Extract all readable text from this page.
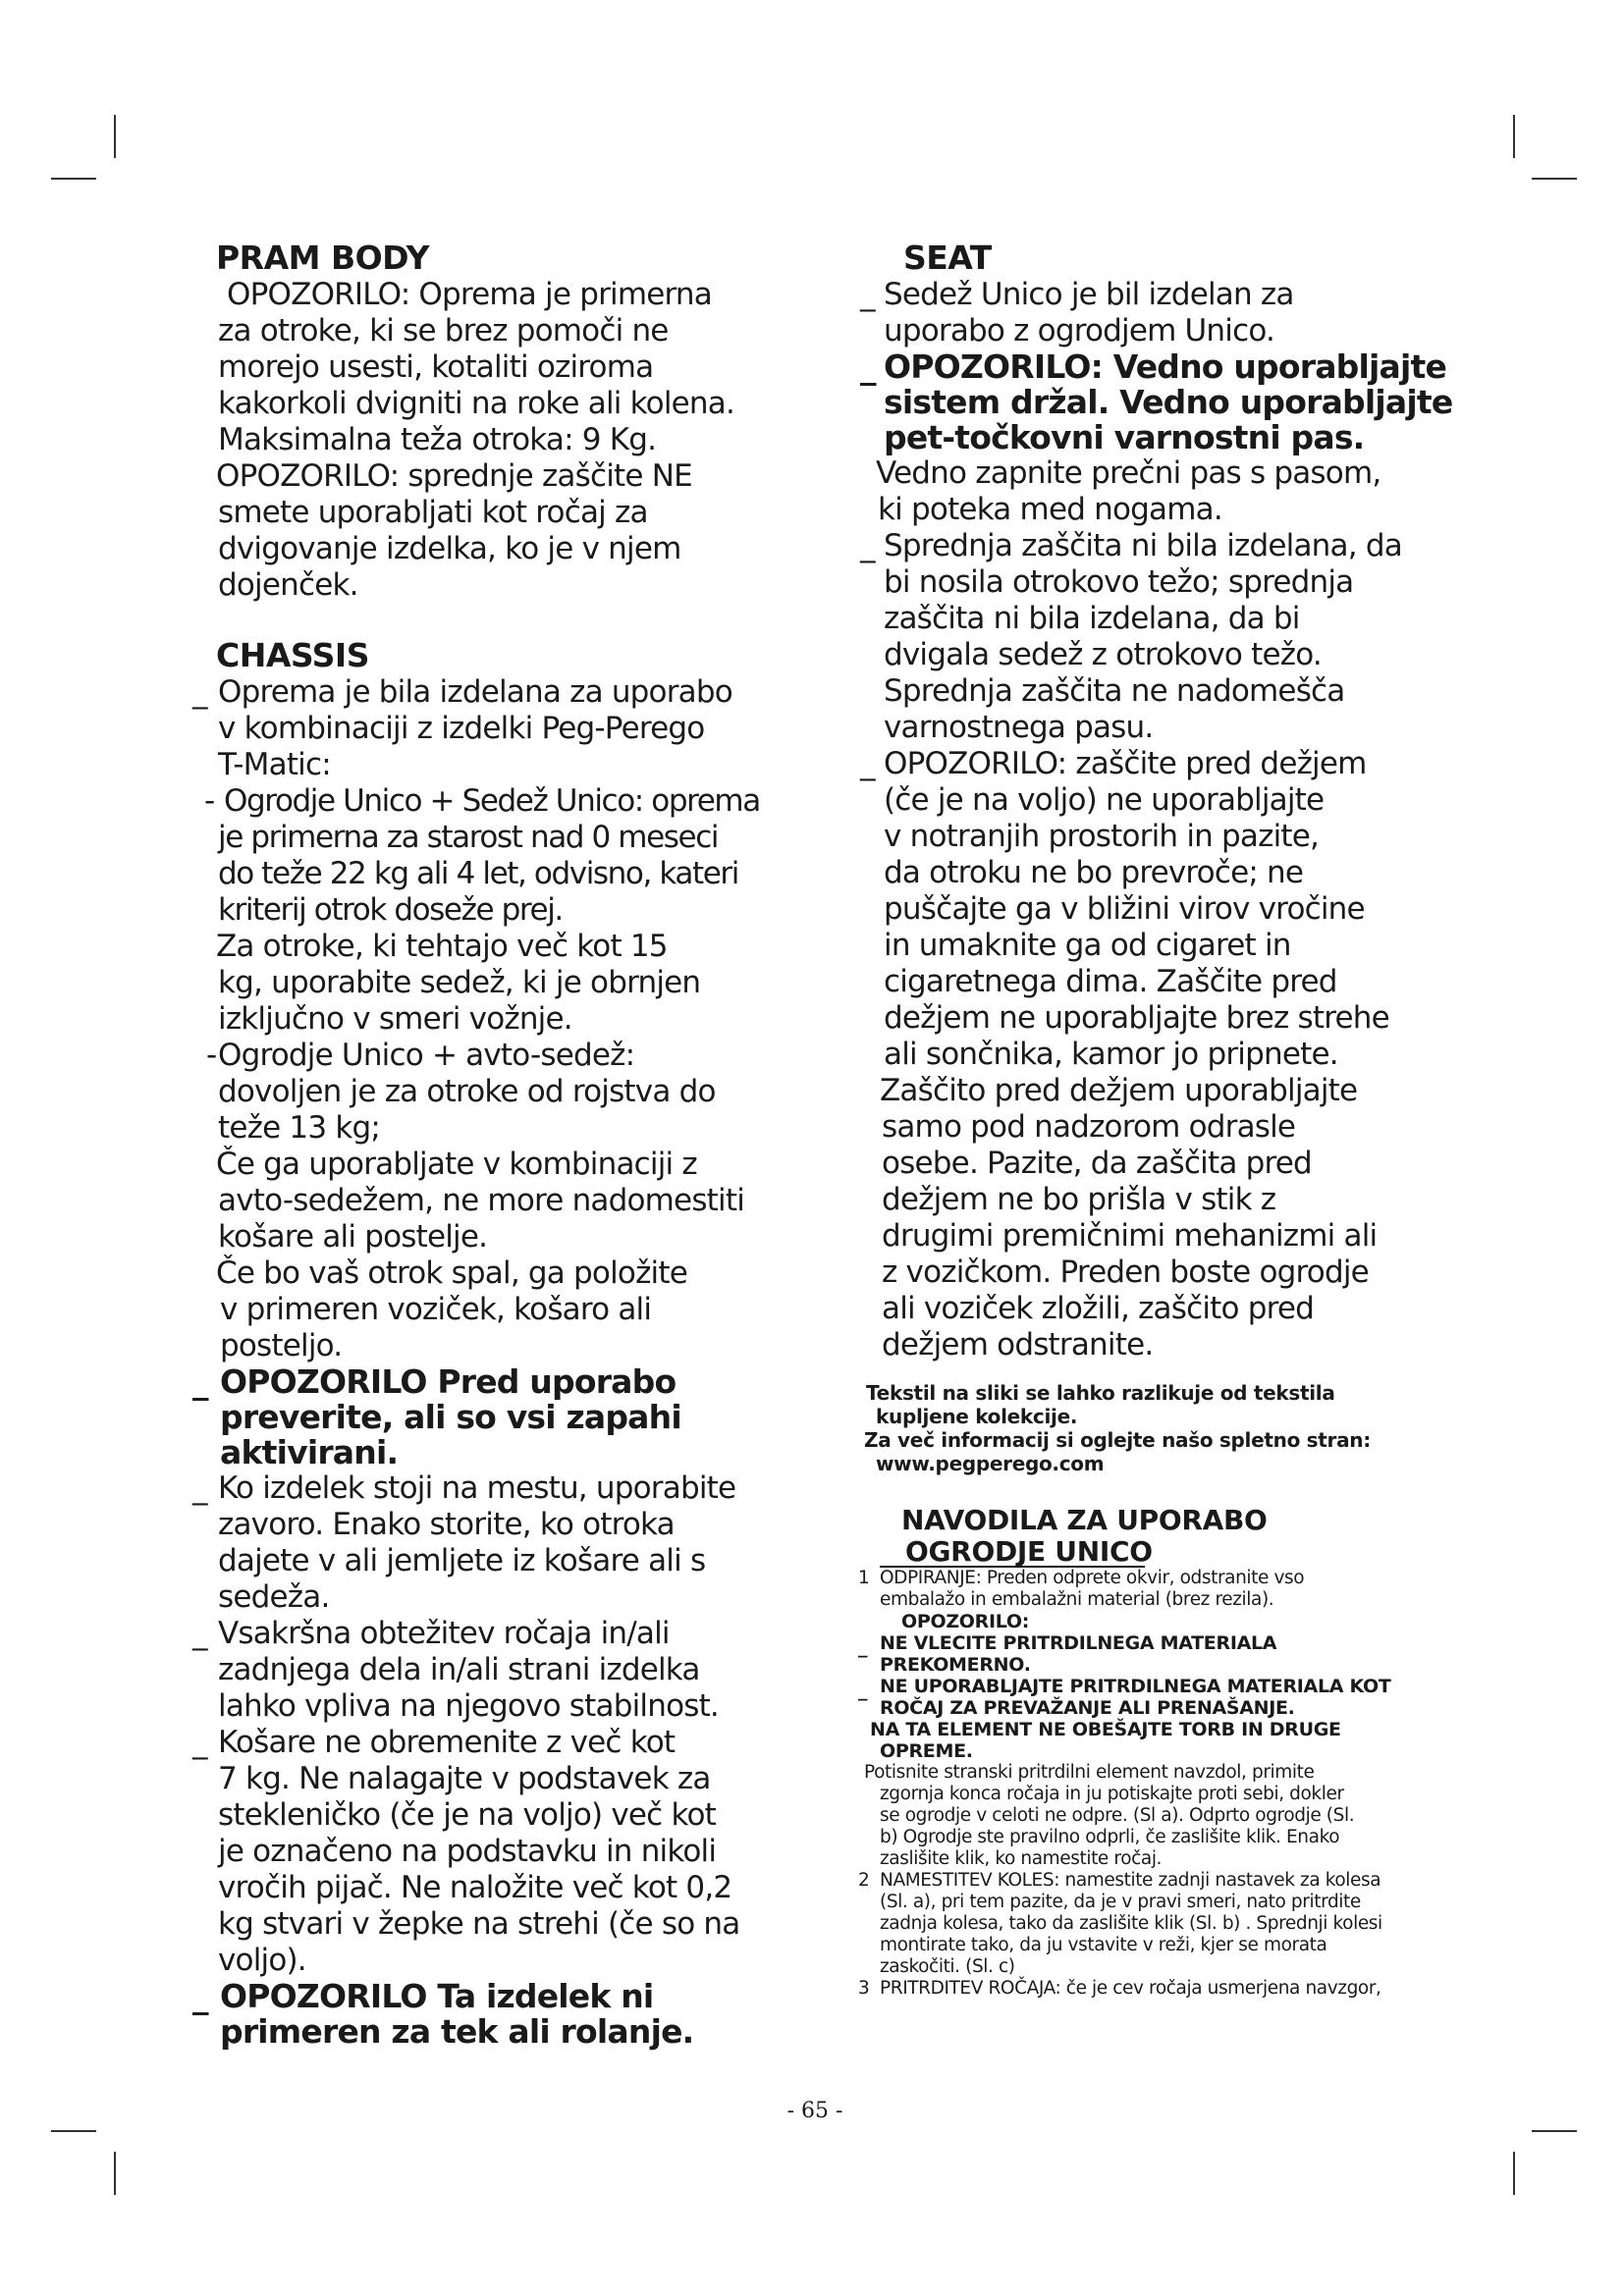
PRAM BODY
OPOZORILO: Oprema je primerna
za otroke, ki se brez pomoči ne
morejo usesti, kotaliti oziroma
kakorkoli dvigniti na roke ali kolena.
Maksimalna teža otroka: 9 Kg.
OPOZORILO: sprednje zaščite NE
smete uporabljati kot ročaj za
dvigovanje izdelka, ko je v njem
dojenček.
CHASSIS
_ Oprema je bila izdelana za uporabo
v kombinaciji z izdelki Peg-Perego
T-Matic:
- Ogrodje Unico + Sedež Unico: oprema
je primerna za starost nad 0 meseci
do teže 22 kg ali 4 let, odvisno, kateri
kriterij otrok doseže prej.
Za otroke, ki tehtajo več kot 15
kg, uporabite sedež, ki je obrnjen
izključno v smeri vožnje.
- Ogrodje Unico + avto-sedež:
dovoljen je za otroke od rojstva do
teže 13 kg;
Če ga uporabljate v kombinaciji z
avto-sedežem, ne more nadomestiti
košare ali postelje.
Če bo vaš otrok spal, ga položite
v primeren voziček, košaro ali
posteljo.
_ OPOZORILO Pred uporabo
preverite, ali so vsi zapahi
aktivirani.
_ Ko izdelek stoji na mestu, uporabite
zavoro. Enako storite, ko otroka
dajete v ali jemljete iz košare ali s
sedeža.
_ Vsakršna obtežitev ročaja in/ali
zadnjega dela in/ali strani izdelka
lahko vpliva na njegovo stabilnost.
_ Košare ne obremenite z več kot
7 kg. Ne nalagajte v podstavek za
stekleničko (če je na voljo) več kot
je označeno na podstavku in nikoli
vročih pijač. Ne naložite več kot 0,2
kg stvari v žepke na strehi (če so na
voljo).
_ OPOZORILO Ta izdelek ni
primeren za tek ali rolanje.
SEAT
_ Sedež Unico je bil izdelan za
uporabo z ogrodjem Unico.
_ OPOZORILO: Vedno uporabljajte
sistem držal. Vedno uporabljajte
pet-točkovni varnostni pas.
Vedno zapnite prečni pas s pasom,
ki poteka med nogama.
_ Sprednja zaščita ni bila izdelana, da
bi nosila otrokovo težo; sprednja
zaščita ni bila izdelana, da bi
dvigala sedež z otrokovo težo.
Sprednja zaščita ne nadomešča
varnostnega pasu.
_ OPOZORILO: zaščite pred dežjem
(če je na voljo) ne uporabljajte
v notranjih prostorih in pazite,
da otroku ne bo prevroče; ne
puščajte ga v bližini virov vročine
in umaknite ga od cigaret in
cigaretnega dima. Zaščite pred
dežjem ne uporabljajte brez strehe
ali sončnika, kamor jo pripnete.
Zaščito pred dežjem uporabljajte
samo pod nadzorom odrasle
osebe. Pazite, da zaščita pred
dežjem ne bo prišla v stik z
drugimi premičnimi mehanizmi ali
z vozičkom. Preden boste ogrodje
ali voziček zložili, zaščito pred
dežjem odstranite.
Tekstil na sliki se lahko razlikuje od tekstila
kupljene kolekcije.
Za več informacij si oglejte našo spletno stran:
www.pegperego.com
NAVODILA ZA UPORABO
OGRODJE UNICO
1 ODPIRANJE: Preden odprete okvir, odstranite vso
embalažo in embalažni material (brez rezila).
OPOZORILO:
_ NE VLECITE PRITRDILNEGA MATERIALA
PREKOMERNO.
_ NE UPORABLJAJTE PRITRDILNEGA MATERIALA KOT
ROČAJ ZA PREVAŽANJE ALI PRENAŠANJE.
NA TA ELEMENT NE OBEŠAJTE TORB IN DRUGE
OPREME.
Potisnite stranski pritrdilni element navzdol, primite
zgornja konca ročaja in ju potiskajte proti sebi, dokler
se ogrodje v celoti ne odpre. (Sl a). Odprto ogrodje (Sl.
b) Ogrodje ste pravilno odprli, če zaslišite klik. Enako
zaslišite klik, ko namestite ročaj.
2 NAMESTITEV KOLES: namestite zadnji nastavek za kolesa
(Sl. a), pri tem pazite, da je v pravi smeri, nato pritrdite
zadnja kolesa, tako da zaslišite klik (Sl. b) . Sprednji kolesi
montirate tako, da ju vstavite v reži, kjer se morata
zaskočiti. (Sl. c)
3 PRITRDITEV ROČAJA: če je cev ročaja usmerjena navzgor,
- 65 -
